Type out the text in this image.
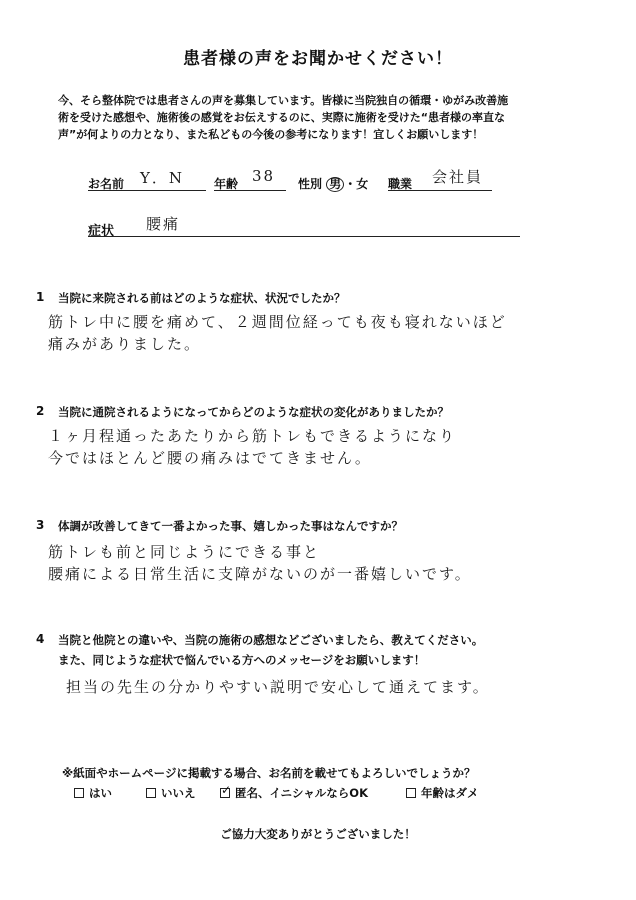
患者様の声をお聞かせください！
今、そら整体院では患者さんの声を募集しています。皆様に当院独自の循環・ゆがみ改善施
術を受けた感想や、施術後の感覚をお伝えするのに、実際に施術を受けた“患者様の率直な
声”が何よりの力となり、また私どもの今後の参考になります！宜しくお願いします！
お名前 Y．N 年齢 38 性別 男 ・女 職業 会社員
症状 腰痛
1 当院に来院される前はどのような症状、状況でしたか？
筋トレ中に腰を痛めて、２週間位経っても夜も寝れないほど
痛みがありました。
2 当院に通院されるようになってからどのような症状の変化がありましたか？
１ヶ月程通ったあたりから筋トレもできるようになり
今ではほとんど腰の痛みはでてきません。
3 体調が改善してきて一番よかった事、嬉しかった事はなんですか？
筋トレも前と同じようにできる事と
腰痛による日常生活に支障がないのが一番嬉しいです。
4 当院と他院との違いや、当院の施術の感想などございましたら、教えてください。
また、同じような症状で悩んでいる方へのメッセージをお願いします！
担当の先生の分かりやすい説明で安心して通えてます。
※紙面やホームページに掲載する場合、お名前を載せてもよろしいでしょうか？
はい	いいえ ✓ 匿名、イニシャルならOK	年齢はダメ
ご協力大変ありがとうございました！
